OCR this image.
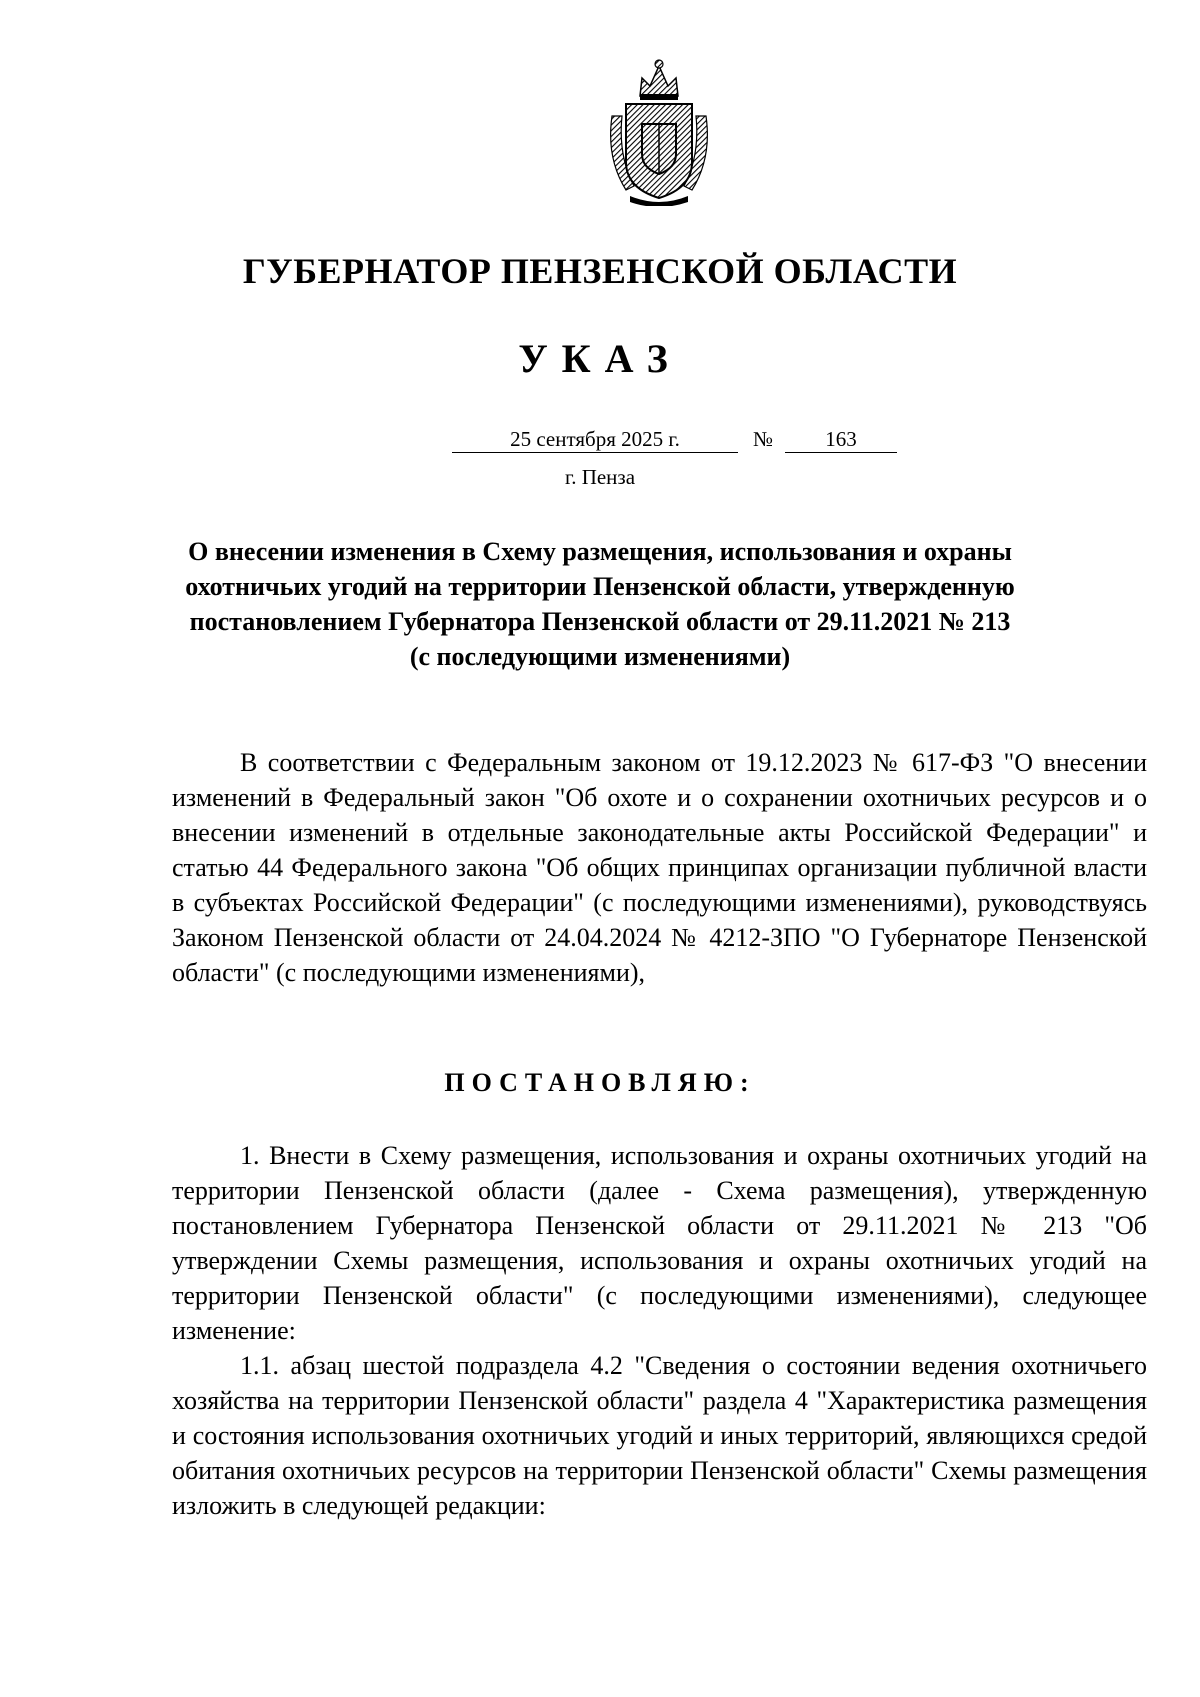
ГУБЕРНАТОР ПЕНЗЕНСКОЙ ОБЛАСТИ
УКАЗ
25 сентября 2025 г.	№	163
г. Пенза
О внесении изменения в Схему размещения, использования и охраны
охотничьих угодий на территории Пензенской области, утвержденную
постановлением Губернатора Пензенской области от 29.11.2021 № 213
(с последующими изменениями)

В соответствии с Федеральным законом от 19.12.2023 № 617-ФЗ "О внесении изменений в Федеральный закон "Об охоте и о сохранении охотничьих ресурсов и о внесении изменений в отдельные законодательные акты Российской Федерации" и статью 44 Федерального закона "Об общих принципах организации публичной власти в субъектах Российской Федерации" (с последующими изменениями), руководствуясь Законом Пензенской области от 24.04.2024 № 4212-ЗПО "О Губернаторе Пензенской области" (с последующими изменениями),

ПОСТАНОВЛЯЮ:

1. Внести в Схему размещения, использования и охраны охотничьих угодий на территории Пензенской области (далее - Схема размещения), утвержденную постановлением Губернатора Пензенской области от 29.11.2021 № 213 "Об утверждении Схемы размещения, использования и охраны охотничьих угодий на территории Пензенской области" (с последующими изменениями), следующее изменение:

1.1. абзац шестой подраздела 4.2 "Сведения о состоянии ведения охотничьего хозяйства на территории Пензенской области" раздела 4 "Характеристика размещения и состояния использования охотничьих угодий и иных территорий, являющихся средой обитания охотничьих ресурсов на территории Пензенской области" Схемы размещения изложить в следующей редакции:
